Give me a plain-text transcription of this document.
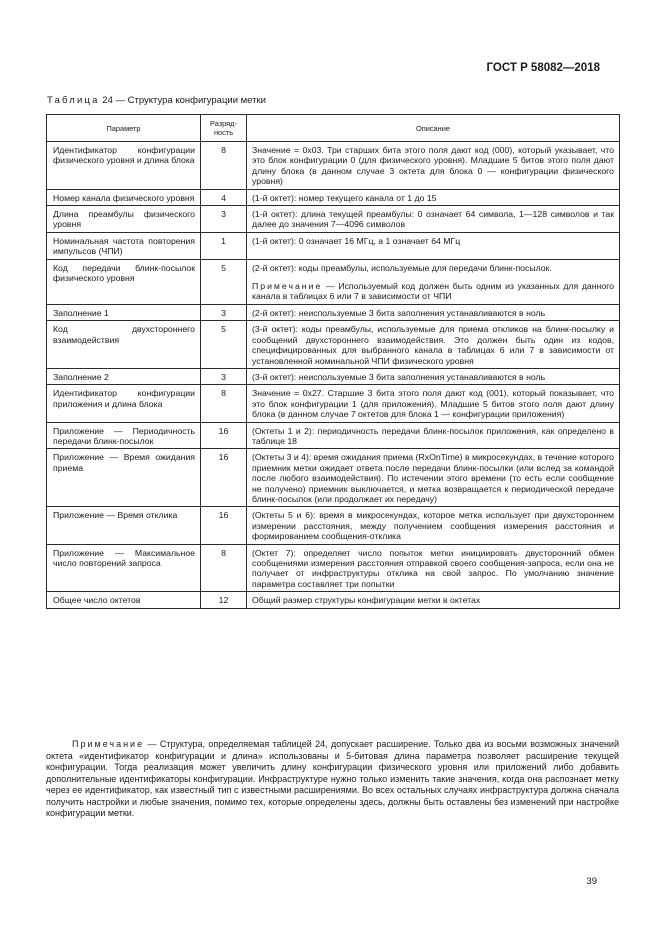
ГОСТ Р 58082—2018
Таблица 24 — Структура конфигурации метки
Параметр	Разряд-ность	Описание
Идентификатор конфигурации физического уровня и длина блока	8	Значение = 0x03. Три старших бита этого поля дают код (000), который указывает, что это блок конфигурации 0 (для физического уровня). Младшие 5 битов этого поля дают длину блока (в данном случае 3 октета для блока 0 — конфигурации физического уровня)
Номер канала физического уровня	4	(1-й октет): номер текущего канала от 1 до 15
Длина преамбулы физического уровня	3	(1-й октет): длина текущей преамбулы: 0 означает 64 символа, 1—128 символов и так далее до значения 7—4096 символов
Номинальная частота повторения импульсов (ЧПИ)	1	(1-й октет): 0 означает 16 МГц, а 1 означает 64 МГц
Код передачи блинк-посылок физического уровня	5	(2-й октет): коды преамбулы, используемые для передачи блинк-посылок.
Примечание — Используемый код должен быть одним из указанных для данного канала в таблицах 6 или 7 в зависимости от ЧПИ

Заполнение 1	3	(2-й октет): неиспользуемые 3 бита заполнения устанавливаются в ноль
Код двухстороннего взаимодействия	5	(3-й октет): коды преамбулы, используемые для приема откликов на блинк-посылку и сообщений двухстороннего взаимодействия. Это должен быть один из кодов, специфицированных для выбранного канала в таблицах 6 или 7 в зависимости от установленной номинальной ЧПИ физического уровня
Заполнение 2	3	(3-й октет): неиспользуемые 3 бита заполнения устанавливаются в ноль
Идентификатор конфигурации приложения и длина блока	8	Значение = 0x27. Старшие 3 бита этого поля дают код (001), который показывает, что это блок конфигурации 1 (для приложения). Младшие 5 битов этого поля дают длину блока (в данном случае 7 октетов для блока 1 — конфигурации приложения)
Приложение — Периодичность передачи блинк-посылок	16	(Октеты 1 и 2): периодичность передачи блинк-посылок приложения, как определено в таблице 18
Приложение — Время ожидания приема	16	(Октеты 3 и 4): время ожидания приема (RxOnTime) в микросекундах, в течение которого приемник метки ожидает ответа после передачи блинк-посылки (или вслед за командой после любого взаимодействия). По истечении этого времени (то есть если сообщение не получено) приемник выключается, и метка возвращается к периодической передаче блинк-посылок (или продолжает их передачу)
Приложение — Время отклика	16	(Октеты 5 и 6): время в микросекундах, которое метка использует при двухстороннем измерении расстояния, между получением сообщения измерения расстояния и формированием сообщения-отклика
Приложение — Максимальное число повторений запроса	8	(Октет 7): определяет число попыток метки инициировать двусторонний обмен сообщениями измерения расстояния отправкой своего сообщения-запроса, если она не получает от инфраструктуры отклика на свой запрос. По умолчанию значение параметра составляет три попытки
Общее число октетов	12	Общий размер структуры конфигурации метки в октетах
Примечание — Структура, определяемая таблицей 24, допускает расширение. Только два из восьми возможных значений октета «идентификатор конфигурации и длина» использованы и 5-битовая длина параметра позволяет расширение текущей конфигурации. Тогда реализация может увеличить длину конфигурации физического уровня или приложений либо добавить дополнительные идентификаторы конфигурации. Инфраструктуре нужно только изменить такие значения, когда она распознает метку через ее идентификатор, как известный тип с известными расширениями. Во всех остальных случаях инфраструктура должна сначала получить настройки и любые значения, помимо тех, которые определены здесь, должны быть оставлены без изменений при настройке конфигурации метки.
39
